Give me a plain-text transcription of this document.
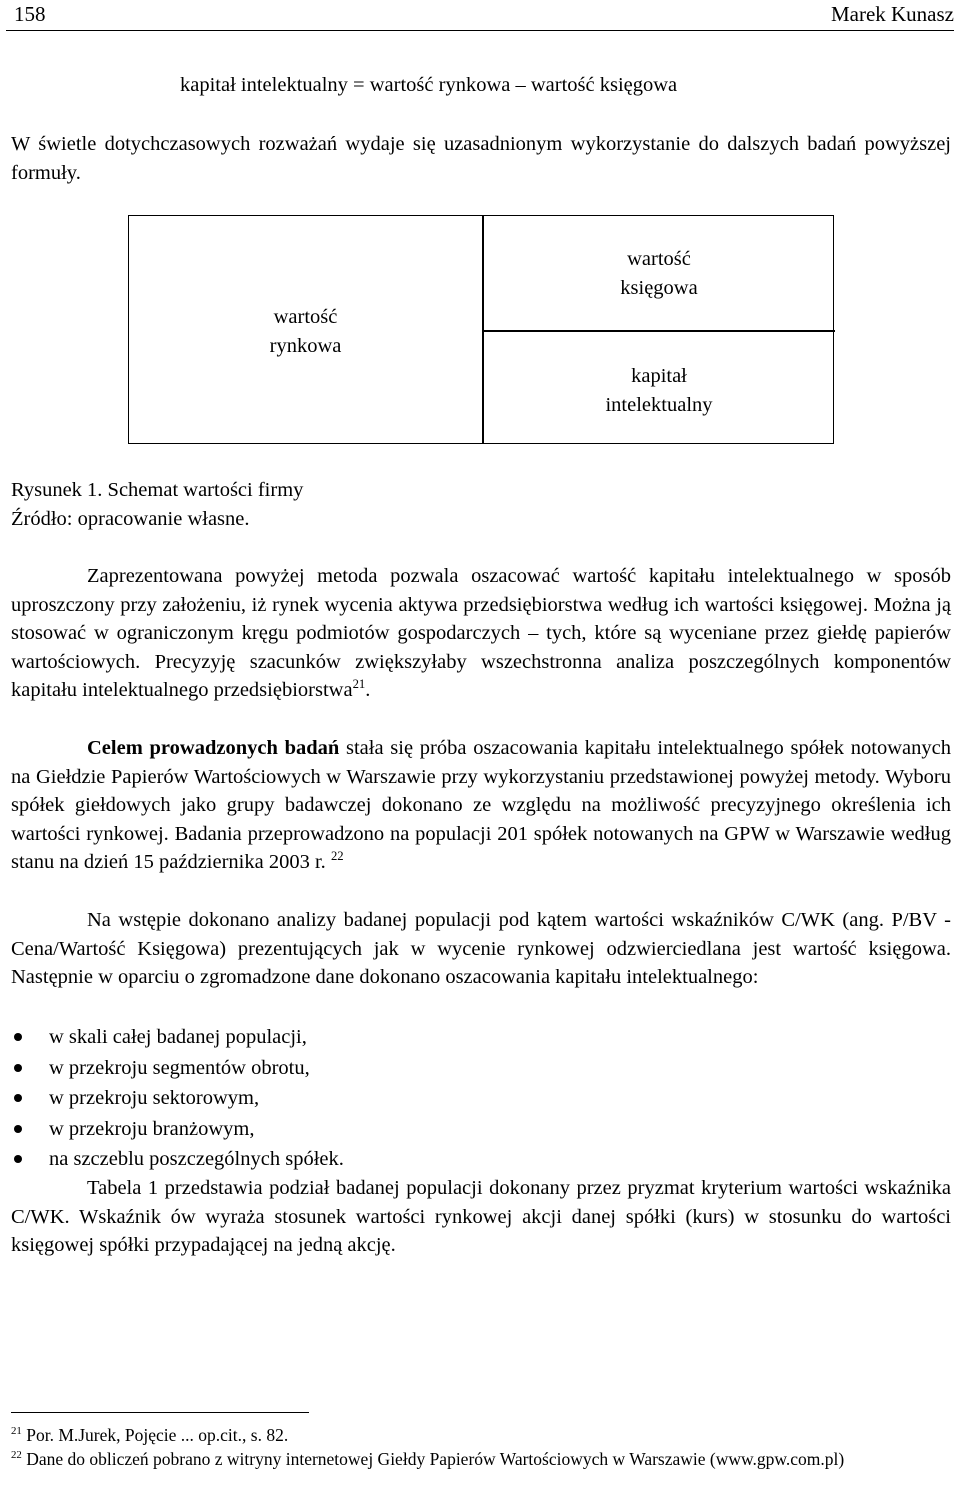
158	Marek Kunasz
kapitał intelektualny = wartość rynkowa – wartość księgowa

W świetle dotychczasowych rozważań wydaje się uzasadnionym wykorzystanie do dalszych badań powyższej formuły.

wartość
rynkowa
wartość
księgowa
kapitał
intelektualny
Rysunek 1. Schemat wartości firmy
Źródło: opracowanie własne.

Zaprezentowana powyżej metoda pozwala oszacować wartość kapitału intelektualnego w sposób uproszczony przy założeniu, iż rynek wycenia aktywa przedsiębiorstwa według ich wartości księgowej. Można ją stosować w ograniczonym kręgu podmiotów gospodarczych – tych, które są wyceniane przez giełdę papierów wartościowych. Precyzyję szacunków zwiększyłaby wszechstronna analiza poszczególnych komponentów kapitału intelektualnego przedsiębiorstwa$^{21}$.

Celem prowadzonych badań stała się próba oszacowania kapitału intelektualnego spółek notowanych na Giełdzie Papierów Wartościowych w Warszawie przy wykorzystaniu przedstawionej powyżej metody. Wyboru spółek giełdowych jako grupy badawczej dokonano ze względu na możliwość precyzyjnego określenia ich wartości rynkowej. Badania przeprowadzono na populacji 201 spółek notowanych na GPW w Warszawie według stanu na dzień 15 października 2003 r. $^{22}$

Na wstępie dokonano analizy badanej populacji pod kątem wartości wskaźników C/WK (ang. P/BV - Cena/Wartość Księgowa) prezentujących jak w wycenie rynkowej odzwierciedlana jest wartość księgowa. Następnie w oparciu o zgromadzone dane dokonano oszacowania kapitału intelektualnego:

w skali całej badanej populacji,
w przekroju segmentów obrotu,
w przekroju sektorowym,
w przekroju branżowym,
na szczeblu poszczególnych spółek.

Tabela 1 przedstawia podział badanej populacji dokonany przez pryzmat kryterium wartości wskaźnika C/WK. Wskaźnik ów wyraża stosunek wartości rynkowej akcji danej spółki (kurs) w stosunku do wartości księgowej spółki przypadającej na jedną akcję.

$^{21}$ Por. M.Jurek, Pojęcie ... op.cit., s. 82.

$^{22}$ Dane do obliczeń pobrano z witryny internetowej Giełdy Papierów Wartościowych w Warszawie (www.gpw.com.pl)
